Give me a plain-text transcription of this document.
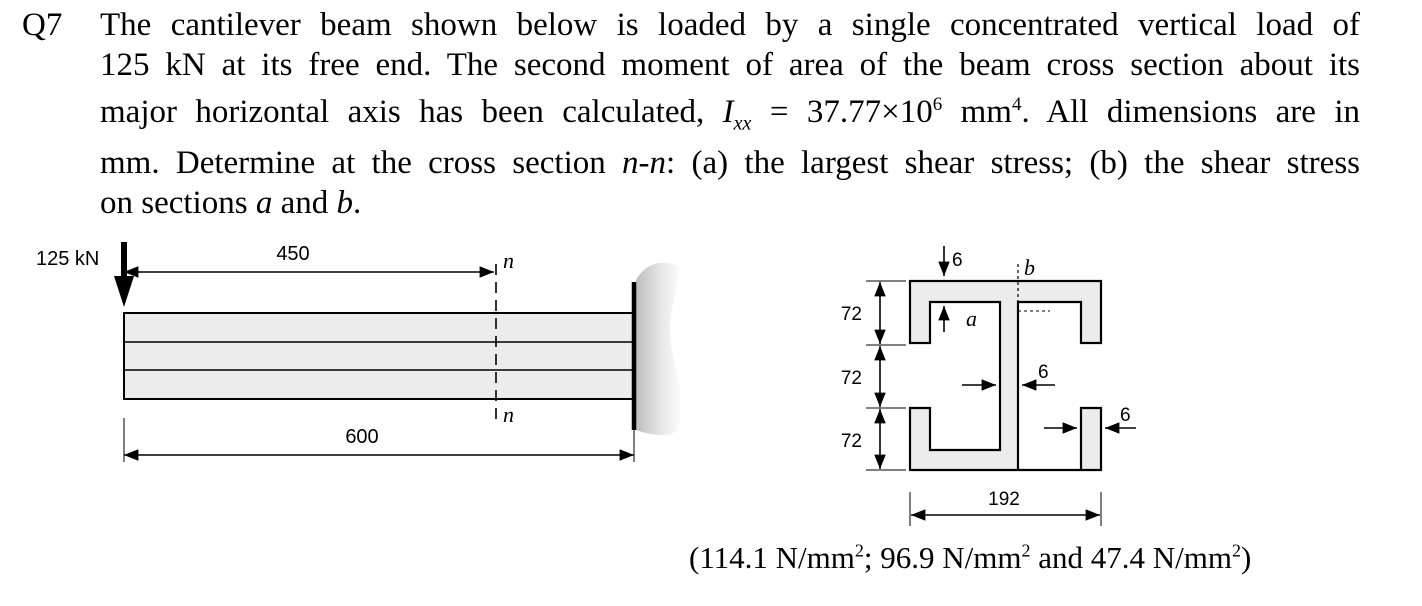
Q7 The cantilever beam shown below is loaded by a single concentrated vertical load of
125 kN at its free end. The second moment of area of the beam cross section about its
major horizontal axis has been calculated, $I_{xx} = 37.77\times 10^6$ $mm^4$. All dimensions are in
mm. Determine at the cross section n-n: (a) the largest shear stress; (b) the shear stress
on sections a and b.
125 kN	450	n
n
600
b
a
6
6
6
72
72
72
192
(114.1 $N/mm^2$; 96.9 $N/mm^2$ and 47.4 $N/mm^2$)
